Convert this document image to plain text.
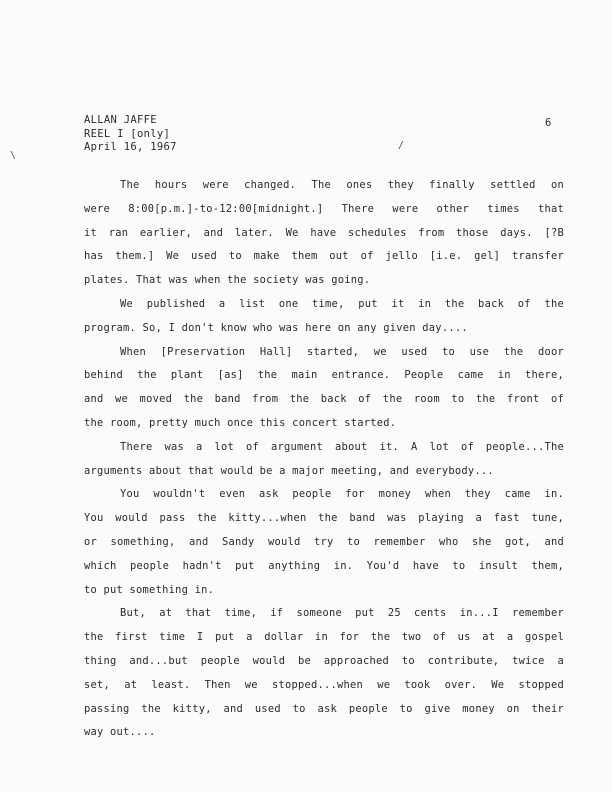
ALLAN JAFFE
REEL I [only]
April 16, 1967
6
\
/
The hours were changed. The ones they finally settled on
were 8:00[p.m.]-to-12:00[midnight.] There were other times that
it ran earlier, and later. We have schedules from those days. [?B
has them.] We used to make them out of jello [i.e. gel] transfer
plates. That was when the society was going.
We published a list one time, put it in the back of the
program. So, I don't know who was here on any given day....
When [Preservation Hall] started, we used to use the door
behind the plant [as] the main entrance. People came in there,
and we moved the band from the back of the room to the front of
the room, pretty much once this concert started.
There was a lot of argument about it. A lot of people...The
arguments about that would be a major meeting, and everybody...
You wouldn't even ask people for money when they came in.
You would pass the kitty...when the band was playing a fast tune,
or something, and Sandy would try to remember who she got, and
which people hadn't put anything in. You'd have to insult them,
to put something in.
But, at that time, if someone put 25 cents in...I remember
the first time I put a dollar in for the two of us at a gospel
thing and...but people would be approached to contribute, twice a
set, at least. Then we stopped...when we took over. We stopped
passing the kitty, and used to ask people to give money on their
way out....
